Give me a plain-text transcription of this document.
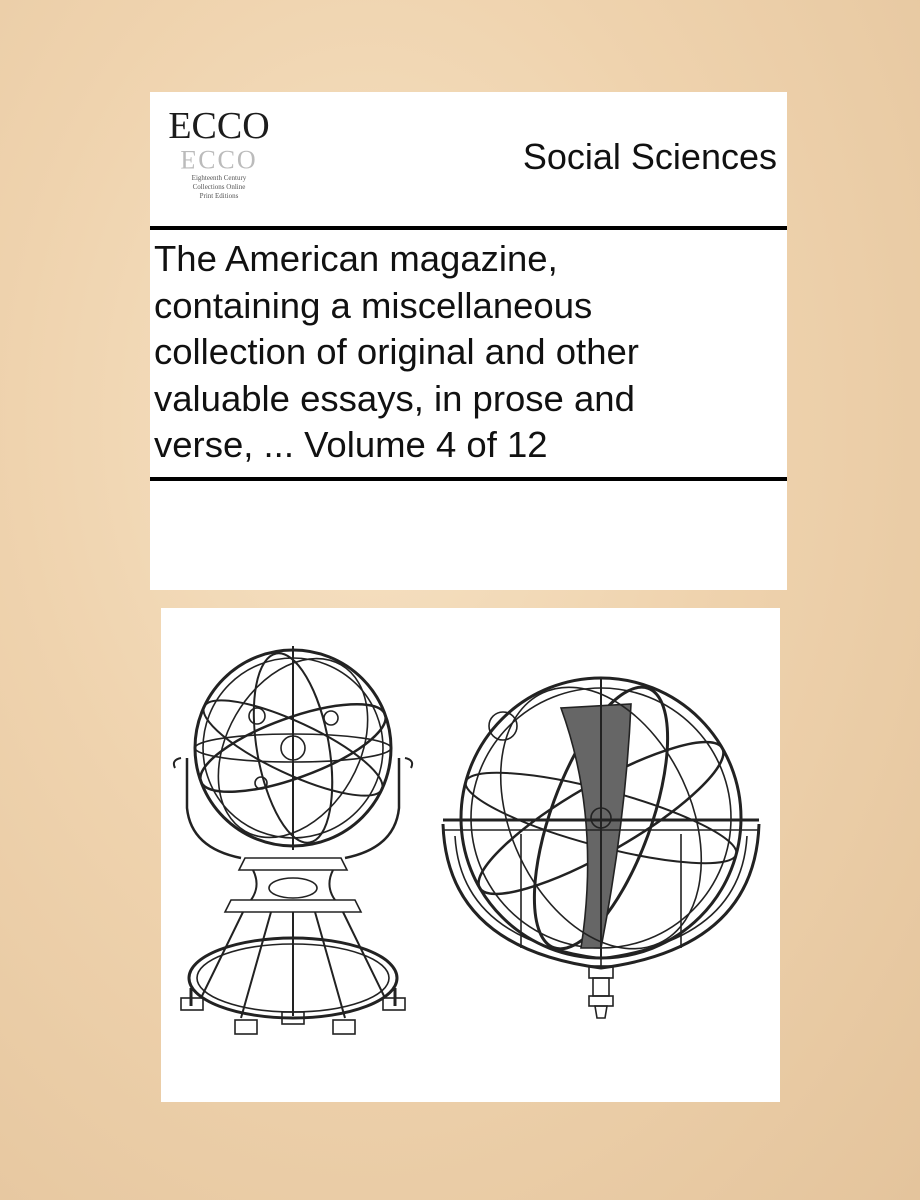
ECCO
ECCO
Eighteenth Century
Collections Online
Print Editions
Social Sciences
The American magazine,
containing a miscellaneous
collection of original and other
valuable essays, in prose and
verse, ... Volume 4 of 12
